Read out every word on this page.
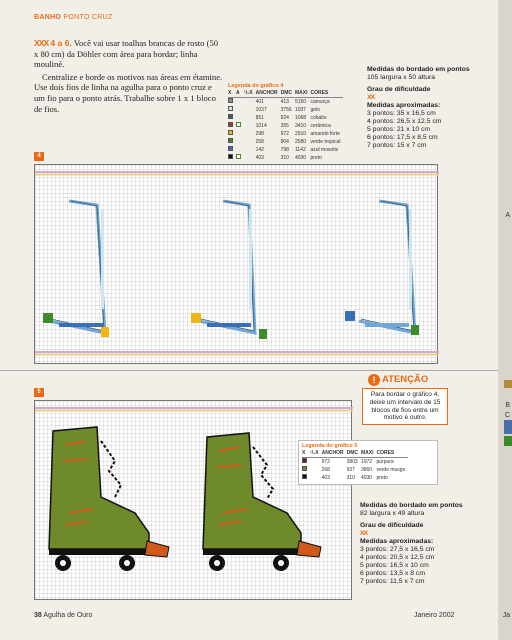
A
B
C
Ja
BANHO PONTO CRUZ

XXX 4 a 6. Você vai usar toalhas brancas de rosto (50 x 80 cm) da Döhler com área para bordar; linha mouliné.

Centralize e borde os motivos nas áreas em étamine. Use dois fios de linha na agulha para o ponto cruz e um fio para o ponto atrás. Trabalhe sobre 1 x 1 bloco de fios.

Legenda do gráfico 4
X	A	¹/₂X	ANCHOR	DMC	MAXI	CORES
			401	413	5150	camurça
			1037	3756	1037	gelo
			851	924	1068	cobalto
			1014	355	3410	cerâmica
			298	972	2910	amarelo forte
			258	904	2580	verde tropical
			142	798	1142	azul mosotis
			403	310	4030	preto
Medidas do bordado em pontos
105 largura x 50 altura
Grau de dificuldade
XX
Medidas aproximadas:
3 pontos: 35 x 16,5 cm
4 pontos: 26,5 x 12,5 cm
5 pontos: 21 x 10 cm
6 pontos: 17,5 x 8,5 cm
7 pontos: 15 x 7 cm
4
! ATENÇÃO
Para bordar o gráfico 4, deixe um intervalo de 15 blocos de fios entre um motivo e outro.
5
Legenda do gráfico 5
X	¹/₂X	ANCHOR	DMC	MAXI	CORES
		972	3803	1972	púrpura
		268	937	3860	verde musgo
		403	310	4030	preto
Medidas do bordado em pontos
82 largura x 49 altura
Grau de dificuldade
XX
Medidas aproximadas:
3 pontos: 27,5 x 16,5 cm
4 pontos: 20,5 x 12,5 cm
5 pontos: 16,5 x 10 cm
6 pontos: 13,5 x 8 cm
7 pontos: 11,5 x 7 cm
38 Agulha de Ouro	Janeiro 2002
